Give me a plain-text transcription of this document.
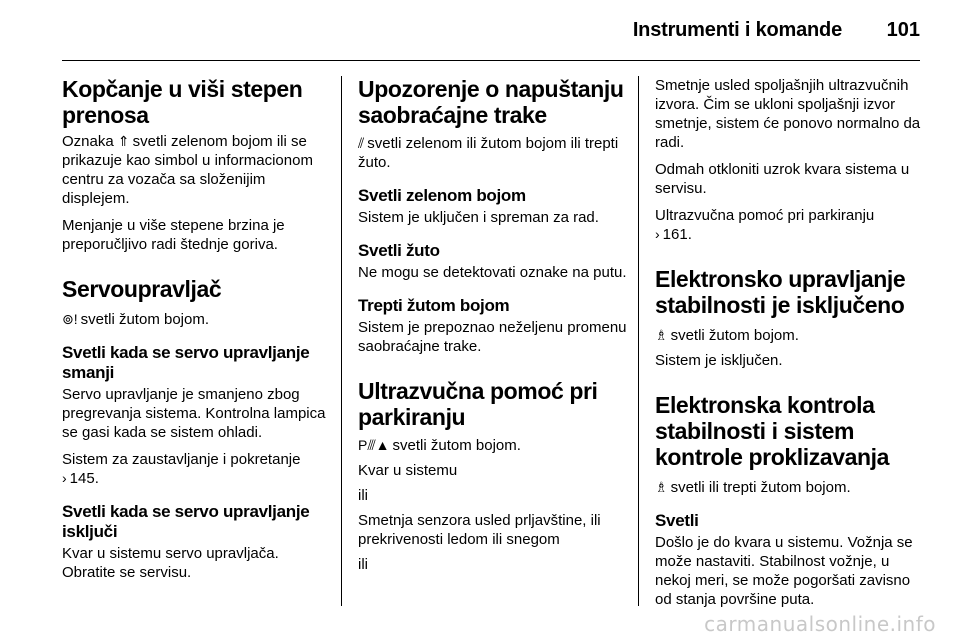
Instrumenti i komande 101
Kopčanje u viši stepen prenosa

Oznaka ⇑ svetli zelenom bojom ili se prikazuje kao simbol u informacionom centru za vozača sa složenijim displejem.

Menjanje u više stepene brzina je preporučljivo radi štednje goriva.

Servoupravljač

⊚! svetli žutom bojom.

Svetli kada se servo upravljanje smanji

Servo upravljanje je smanjeno zbog pregrevanja sistema. Kontrolna lampica se gasi kada se sistem ohladi.

Sistem za zaustavljanje i pokretanje
› 145.

Svetli kada se servo upravljanje isključi

Kvar u sistemu servo upravljača. Obratite se servisu.

Upozorenje o napuštanju saobraćajne trake

⫽ svetli zelenom ili žutom bojom ili trepti žuto.

Svetli zelenom bojom

Sistem je uključen i spreman za rad.

Svetli žuto

Ne mogu se detektovati oznake na putu.

Trepti žutom bojom

Sistem je prepoznao neželjenu promenu saobraćajne trake.

Ultrazvučna pomoć pri parkiranju

P⫻▲ svetli žutom bojom.

Kvar u sistemu

ili

Smetnja senzora usled prljavštine, ili prekrivenosti ledom ili snegom

ili

Smetnje usled spoljašnjih ultrazvučnih izvora. Čim se ukloni spoljašnji izvor smetnje, sistem će ponovo normalno da radi.

Odmah otkloniti uzrok kvara sistema u servisu.

Ultrazvučna pomoć pri parkiranju
› 161.

Elektronsko upravljanje stabilnosti je isključeno

♗ svetli žutom bojom.

Sistem je isključen.

Elektronska kontrola stabilnosti i sistem kontrole proklizavanja

♗ svetli ili trepti žutom bojom.

Svetli

Došlo je do kvara u sistemu. Vožnja se može nastaviti. Stabilnost vožnje, u nekoj meri, se može pogoršati zavisno od stanja površine puta.

carmanualsonline.info
